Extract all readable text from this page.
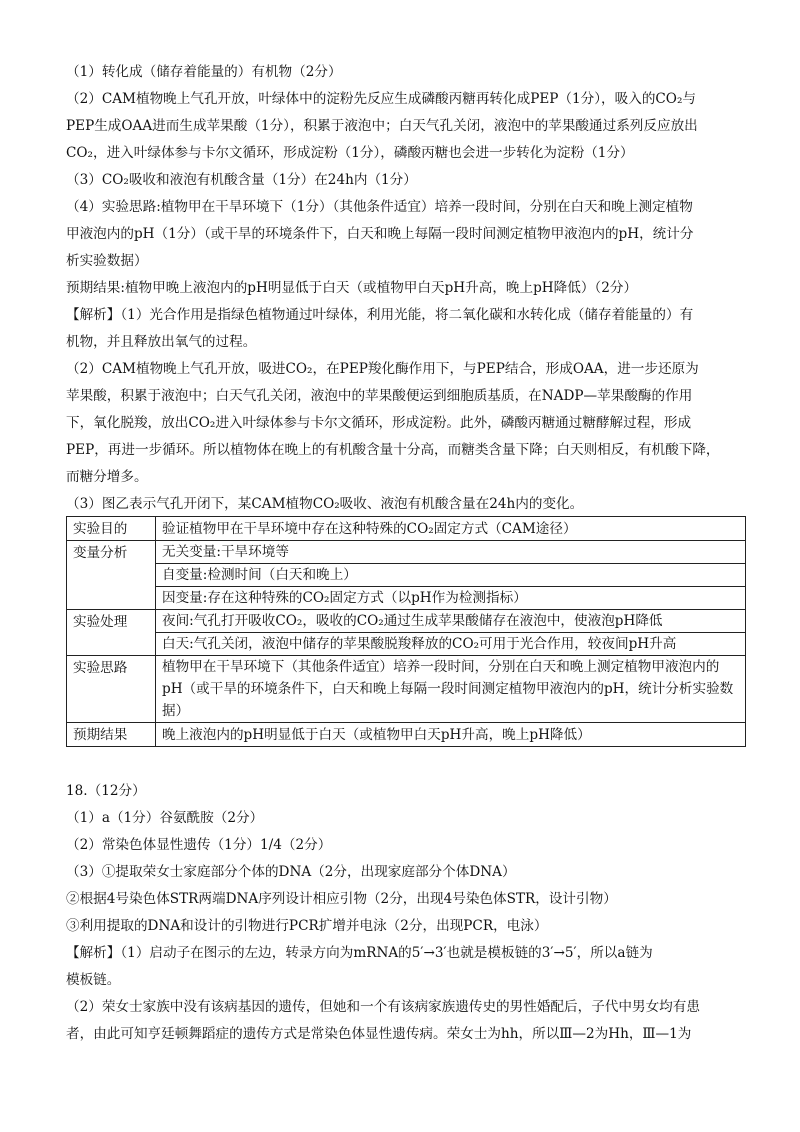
（1）转化成（储存着能量的）有机物（2分）
（2）CAM植物晚上气孔开放，叶绿体中的淀粉先反应生成磷酸丙糖再转化成PEP（1分），吸入的CO₂与
PEP生成OAA进而生成苹果酸（1分），积累于液泡中；白天气孔关闭，液泡中的苹果酸通过系列反应放出
CO₂，进入叶绿体参与卡尔文循环，形成淀粉（1分），磷酸丙糖也会进一步转化为淀粉（1分）
（3）CO₂吸收和液泡有机酸含量（1分）在24h内（1分）
（4）实验思路:植物甲在干旱环境下（1分）（其他条件适宜）培养一段时间，分别在白天和晚上测定植物
甲液泡内的pH（1分）（或干旱的环境条件下，白天和晚上每隔一段时间测定植物甲液泡内的pH，统计分
析实验数据）
预期结果:植物甲晚上液泡内的pH明显低于白天（或植物甲白天pH升高，晚上pH降低）（2分）
【解析】（1）光合作用是指绿色植物通过叶绿体，利用光能，将二氧化碳和水转化成（储存着能量的）有
机物，并且释放出氧气的过程。
（2）CAM植物晚上气孔开放，吸进CO₂，在PEP羧化酶作用下，与PEP结合，形成OAA，进一步还原为
苹果酸，积累于液泡中；白天气孔关闭，液泡中的苹果酸便运到细胞质基质，在NADP—苹果酸酶的作用
下，氧化脱羧，放出CO₂进入叶绿体参与卡尔文循环，形成淀粉。此外，磷酸丙糖通过糖酵解过程，形成
PEP，再进一步循环。所以植物体在晚上的有机酸含量十分高，而糖类含量下降；白天则相反，有机酸下降，
而糖分增多。
（3）图乙表示气孔开闭下，某CAM植物CO₂吸收、液泡有机酸含量在24h内的变化。
实验目的	验证植物甲在干旱环境中存在这种特殊的CO₂固定方式（CAM途径）
变量分析	无关变量:干旱环境等
	自变量:检测时间（白天和晚上）
	因变量:存在这种特殊的CO₂固定方式（以pH作为检测指标）
实验处理	夜间:气孔打开吸收CO₂，吸收的CO₂通过生成苹果酸储存在液泡中，使液泡pH降低
	白天:气孔关闭，液泡中储存的苹果酸脱羧释放的CO₂可用于光合作用，较夜间pH升高
实验思路	植物甲在干旱环境下（其他条件适宜）培养一段时间，分别在白天和晚上测定植物甲液泡内的pH（或干旱的环境条件下，白天和晚上每隔一段时间测定植物甲液泡内的pH，统计分析实验数据）
预期结果	晚上液泡内的pH明显低于白天（或植物甲白天pH升高，晚上pH降低）
18.（12分）
（1）a（1分）谷氨酰胺（2分）
（2）常染色体显性遗传（1分）1/4（2分）
（3）①提取荣女士家庭部分个体的DNA（2分，出现家庭部分个体DNA）
②根据4号染色体STR两端DNA序列设计相应引物（2分，出现4号染色体STR，设计引物）
③利用提取的DNA和设计的引物进行PCR扩增并电泳（2分，出现PCR，电泳）
【解析】（1）启动子在图示的左边，转录方向为mRNA的5′→3′也就是模板链的3′→5′，所以a链为
模板链。
（2）荣女士家族中没有该病基因的遗传，但她和一个有该病家族遗传史的男性婚配后，子代中男女均有患
者，由此可知亨廷顿舞蹈症的遗传方式是常染色体显性遗传病。荣女士为hh，所以Ⅲ—2为Hh，Ⅲ—1为
